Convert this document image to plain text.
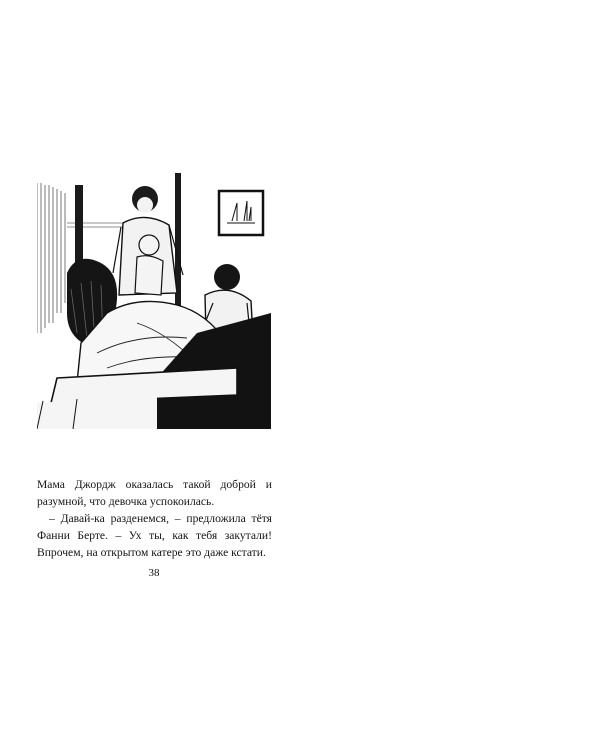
Мама Джордж оказалась такой доброй и разумной, что девочка успокоилась.

– Давай-ка разденемся, – предложила тётя Фанни Берте. – Ух ты, как тебя закутали! Впрочем, на открытом катере это даже кстати.

38
